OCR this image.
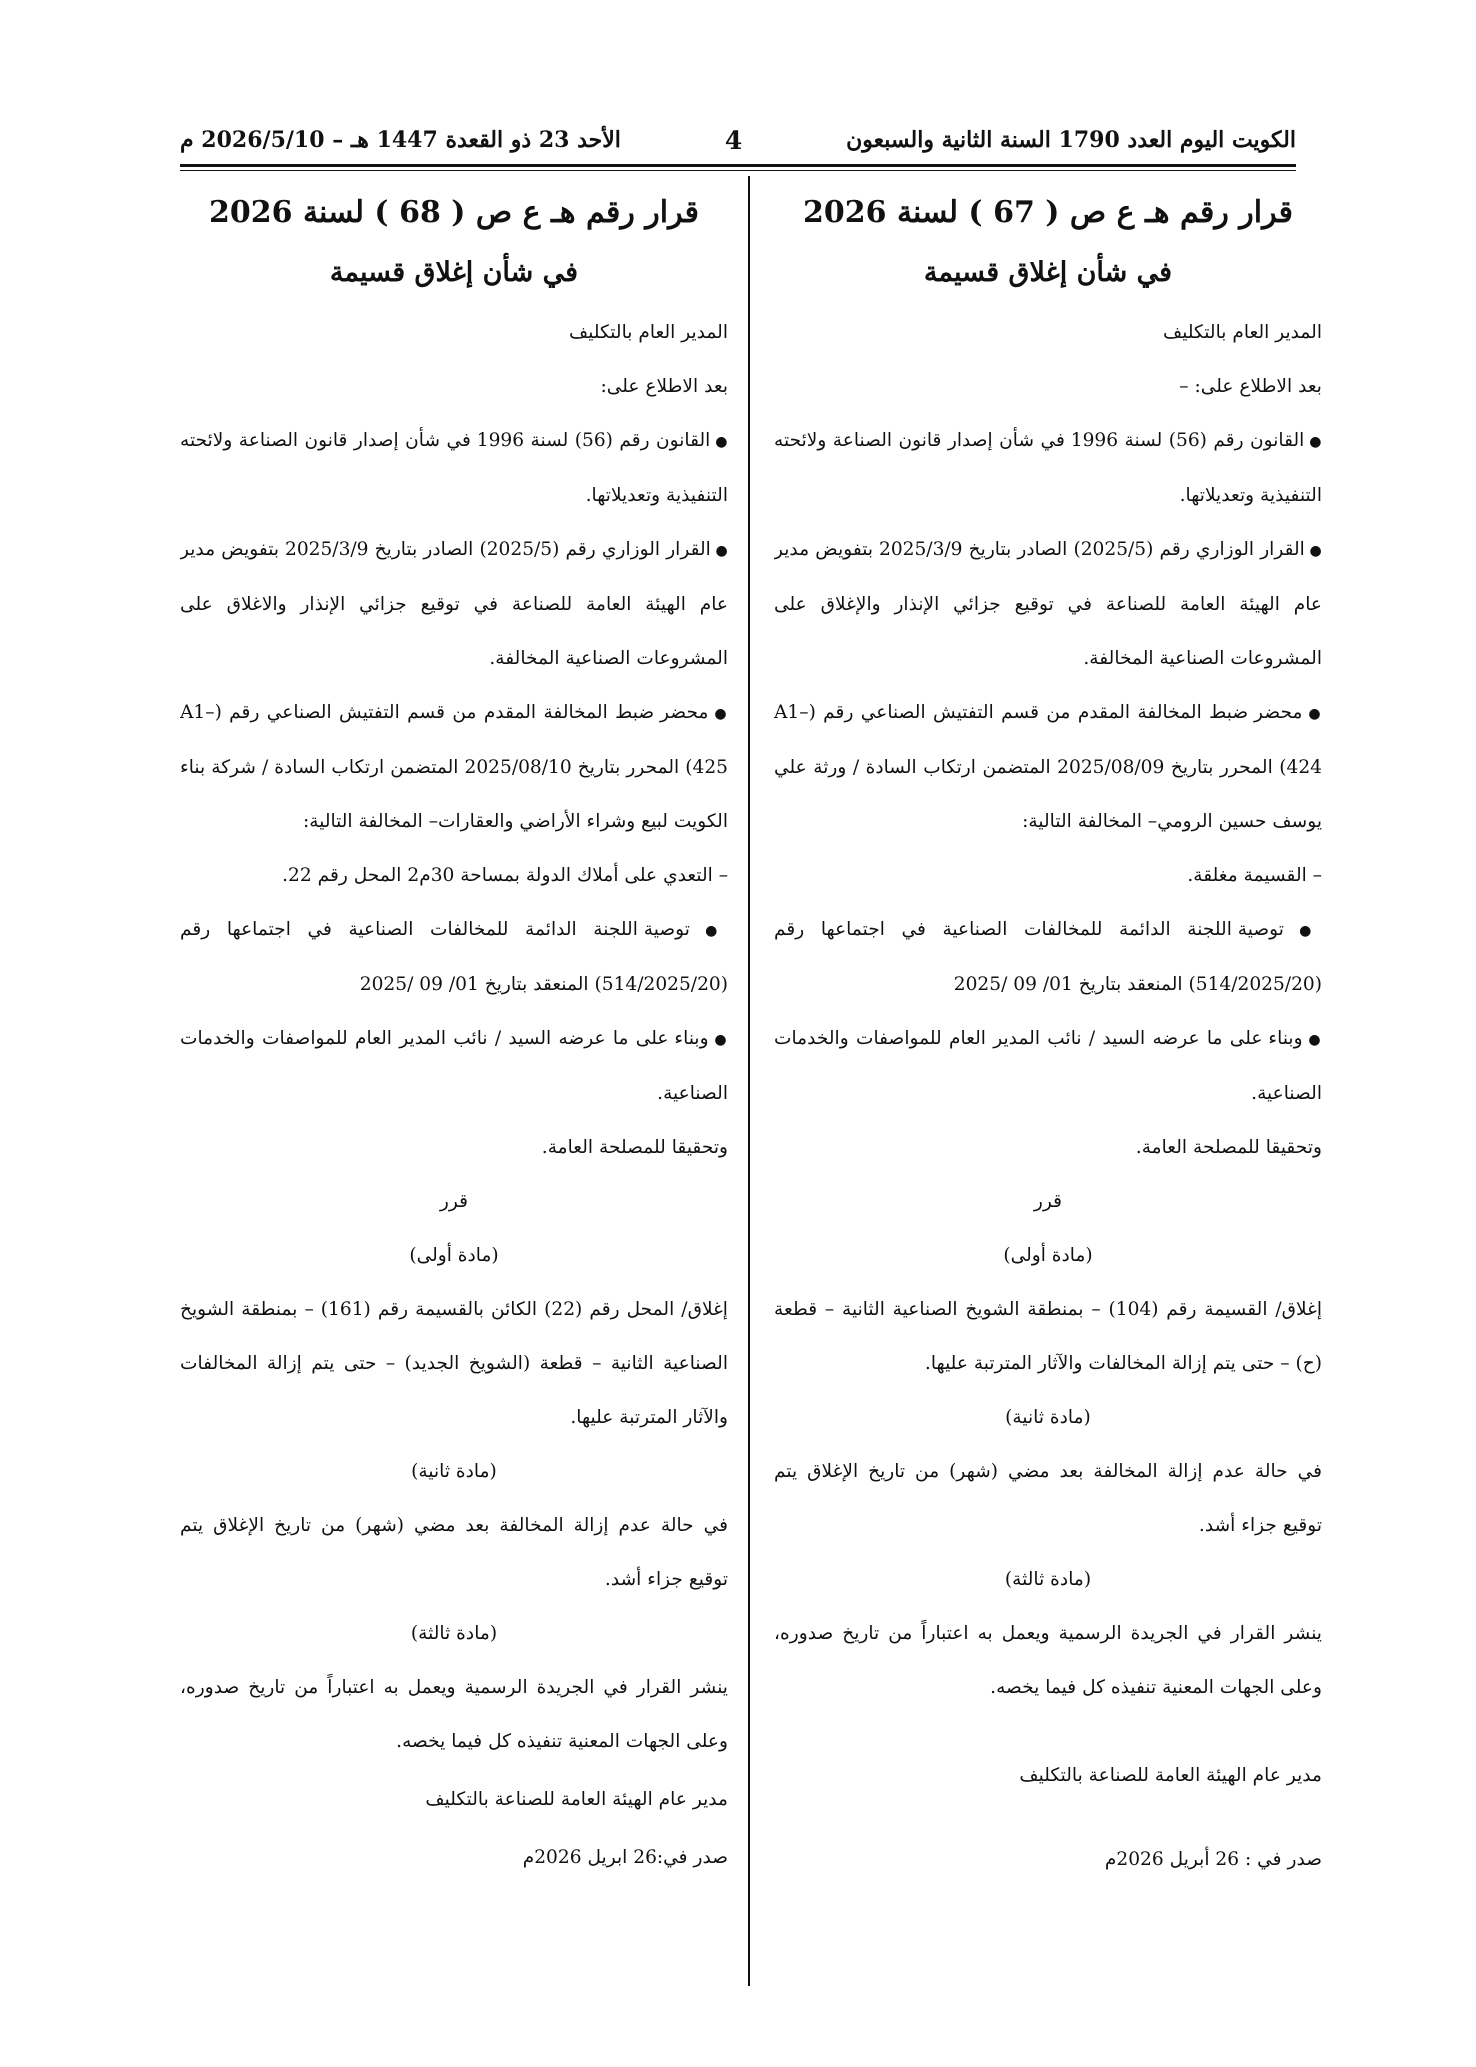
الكويت اليوم العدد 1790 السنة الثانية والسبعون
4
الأحد 23 ذو القعدة 1447 هـ – 2026/5/10 م
قرار رقم هـ ع ص ( 67 ) لسنة 2026
في شأن إغلاق قسيمة

المدير العام بالتكليف

بعد الاطلاع على: –

● القانون رقم (56) لسنة 1996 في شأن إصدار قانون الصناعة ولائحته التنفيذية وتعديلاتها.

● القرار الوزاري رقم (2025/5) الصادر بتاريخ 2025/3/9 بتفويض مدير عام الهيئة العامة للصناعة في توقيع جزائي الإنذار والإغلاق على المشروعات الصناعية المخالفة.

● محضر ضبط المخالفة المقدم من قسم التفتيش الصناعي رقم (A1–424) المحرر بتاريخ 2025/08/09 المتضمن ارتكاب السادة / ورثة علي يوسف حسين الرومي– المخالفة التالية:

– القسيمة مغلقة.

● توصية اللجنة الدائمة للمخالفات الصناعية في اجتماعها رقم (514/2025/20) المنعقد بتاريخ 01/ 09 /2025

● وبناء على ما عرضه السيد / نائب المدير العام للمواصفات والخدمات الصناعية.

وتحقيقا للمصلحة العامة.

قرر

(مادة أولى)

إغلاق/ القسيمة رقم (104) – بمنطقة الشويخ الصناعية الثانية – قطعة (ح) – حتى يتم إزالة المخالفات والآثار المترتبة عليها.

(مادة ثانية)

في حالة عدم إزالة المخالفة بعد مضي (شهر) من تاريخ الإغلاق يتم توقيع جزاء أشد.

(مادة ثالثة)

ينشر القرار في الجريدة الرسمية ويعمل به اعتباراً من تاريخ صدوره، وعلى الجهات المعنية تنفيذه كل فيما يخصه.

مدير عام الهيئة العامة للصناعة بالتكليف

صدر في : 26 أبريل 2026م

قرار رقم هـ ع ص ( 68 ) لسنة 2026
في شأن إغلاق قسيمة

المدير العام بالتكليف

بعد الاطلاع على:

● القانون رقم (56) لسنة 1996 في شأن إصدار قانون الصناعة ولائحته التنفيذية وتعديلاتها.

● القرار الوزاري رقم (2025/5) الصادر بتاريخ 2025/3/9 بتفويض مدير عام الهيئة العامة للصناعة في توقيع جزائي الإنذار والاغلاق على المشروعات الصناعية المخالفة.

● محضر ضبط المخالفة المقدم من قسم التفتيش الصناعي رقم (A1–425) المحرر بتاريخ 2025/08/10 المتضمن ارتكاب السادة / شركة بناء الكويت لبيع وشراء الأراضي والعقارات– المخالفة التالية:

– التعدي على أملاك الدولة بمساحة 30م2 المحل رقم 22.

● توصية اللجنة الدائمة للمخالفات الصناعية في اجتماعها رقم (514/2025/20) المنعقد بتاريخ 01/ 09 /2025

● وبناء على ما عرضه السيد / نائب المدير العام للمواصفات والخدمات الصناعية.

وتحقيقا للمصلحة العامة.

قرر

(مادة أولى)

إغلاق/ المحل رقم (22) الكائن بالقسيمة رقم (161) – بمنطقة الشويخ الصناعية الثانية – قطعة (الشويخ الجديد) – حتى يتم إزالة المخالفات والآثار المترتبة عليها.

(مادة ثانية)

في حالة عدم إزالة المخالفة بعد مضي (شهر) من تاريخ الإغلاق يتم توقيع جزاء أشد.

(مادة ثالثة)

ينشر القرار في الجريدة الرسمية ويعمل به اعتباراً من تاريخ صدوره، وعلى الجهات المعنية تنفيذه كل فيما يخصه.

مدير عام الهيئة العامة للصناعة بالتكليف

صدر في:26 ابريل 2026م
